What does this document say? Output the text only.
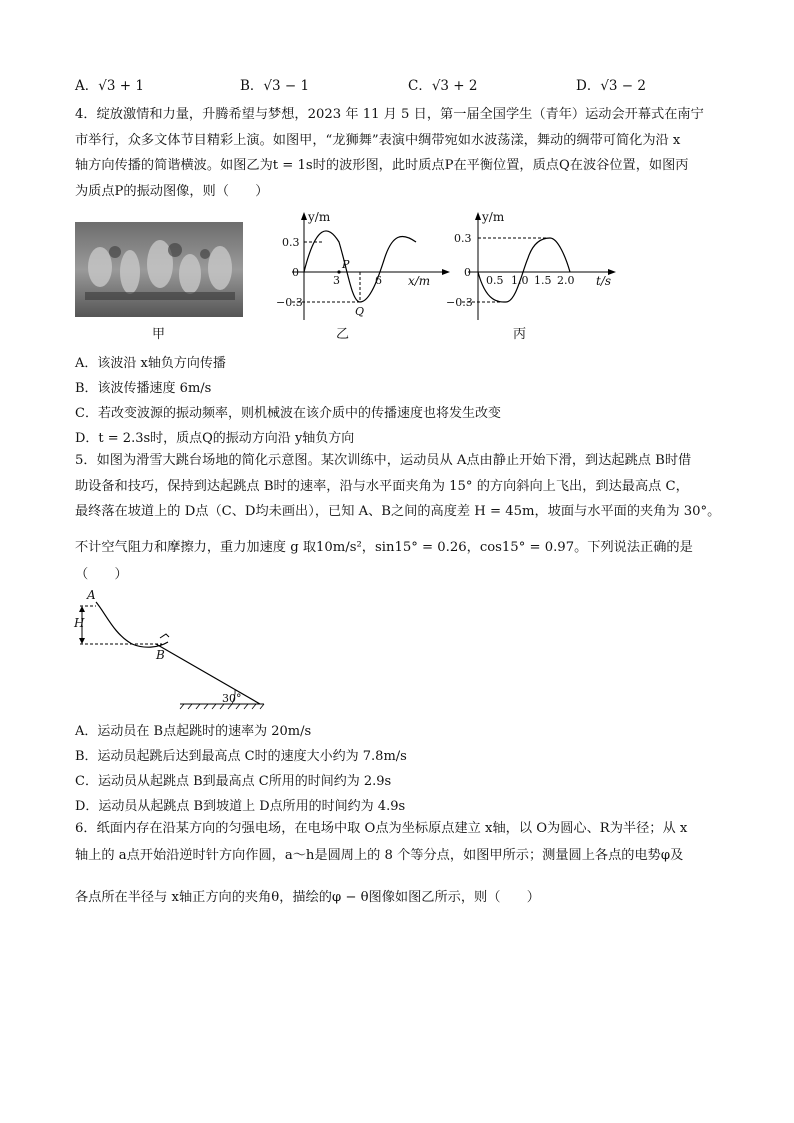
A．√3 + 1	B．√3 − 1	C．√3 + 2	D．√3 − 2
4．绽放激情和力量，升腾希望与梦想，2023 年 11 月 5 日，第一届全国学生（青年）运动会开幕式在南宁
市举行，众多文体节目精彩上演。如图甲，“龙狮舞”表演中绸带宛如水波荡漾，舞动的绸带可简化为沿 x
轴方向传播的简谐横波。如图乙为t = 1s时的波形图，此时质点P在平衡位置，质点Q在波谷位置，如图丙
为质点P的振动图像，则（　　）
甲
y/m
0.3
0
−0.3
3	6 x/m
P
Q
乙
y/m
0.3
0
−0.3
0.5 1.0 1.5 2.0 t/s
丙
A．该波沿 x轴负方向传播
B．该波传播速度 6m/s
C．若改变波源的振动频率，则机械波在该介质中的传播速度也将发生改变
D．t = 2.3s时，质点Q的振动方向沿 y轴负方向
5．如图为滑雪大跳台场地的简化示意图。某次训练中，运动员从 A点由静止开始下滑，到达起跳点 B时借
助设备和技巧，保持到达起跳点 B时的速率，沿与水平面夹角为 15° 的方向斜向上飞出，到达最高点 C，
最终落在坡道上的 D点（C、D均未画出），已知 A、B之间的高度差 H = 45m，坡面与水平面的夹角为 30°。
不计空气阻力和摩擦力，重力加速度 g 取10m/s²，sin15° = 0.26，cos15° = 0.97。下列说法正确的是
（　　）
A
H
B
30°
A．运动员在 B点起跳时的速率为 20m/s
B．运动员起跳后达到最高点 C时的速度大小约为 7.8m/s
C．运动员从起跳点 B到最高点 C所用的时间约为 2.9s
D．运动员从起跳点 B到坡道上 D点所用的时间约为 4.9s
6．纸面内存在沿某方向的匀强电场，在电场中取 O点为坐标原点建立 x轴，以 O为圆心、R为半径；从 x
轴上的 a点开始沿逆时针方向作圆，a～h是圆周上的 8 个等分点，如图甲所示；测量圆上各点的电势φ及
各点所在半径与 x轴正方向的夹角θ，描绘的φ − θ图像如图乙所示，则（　　）
